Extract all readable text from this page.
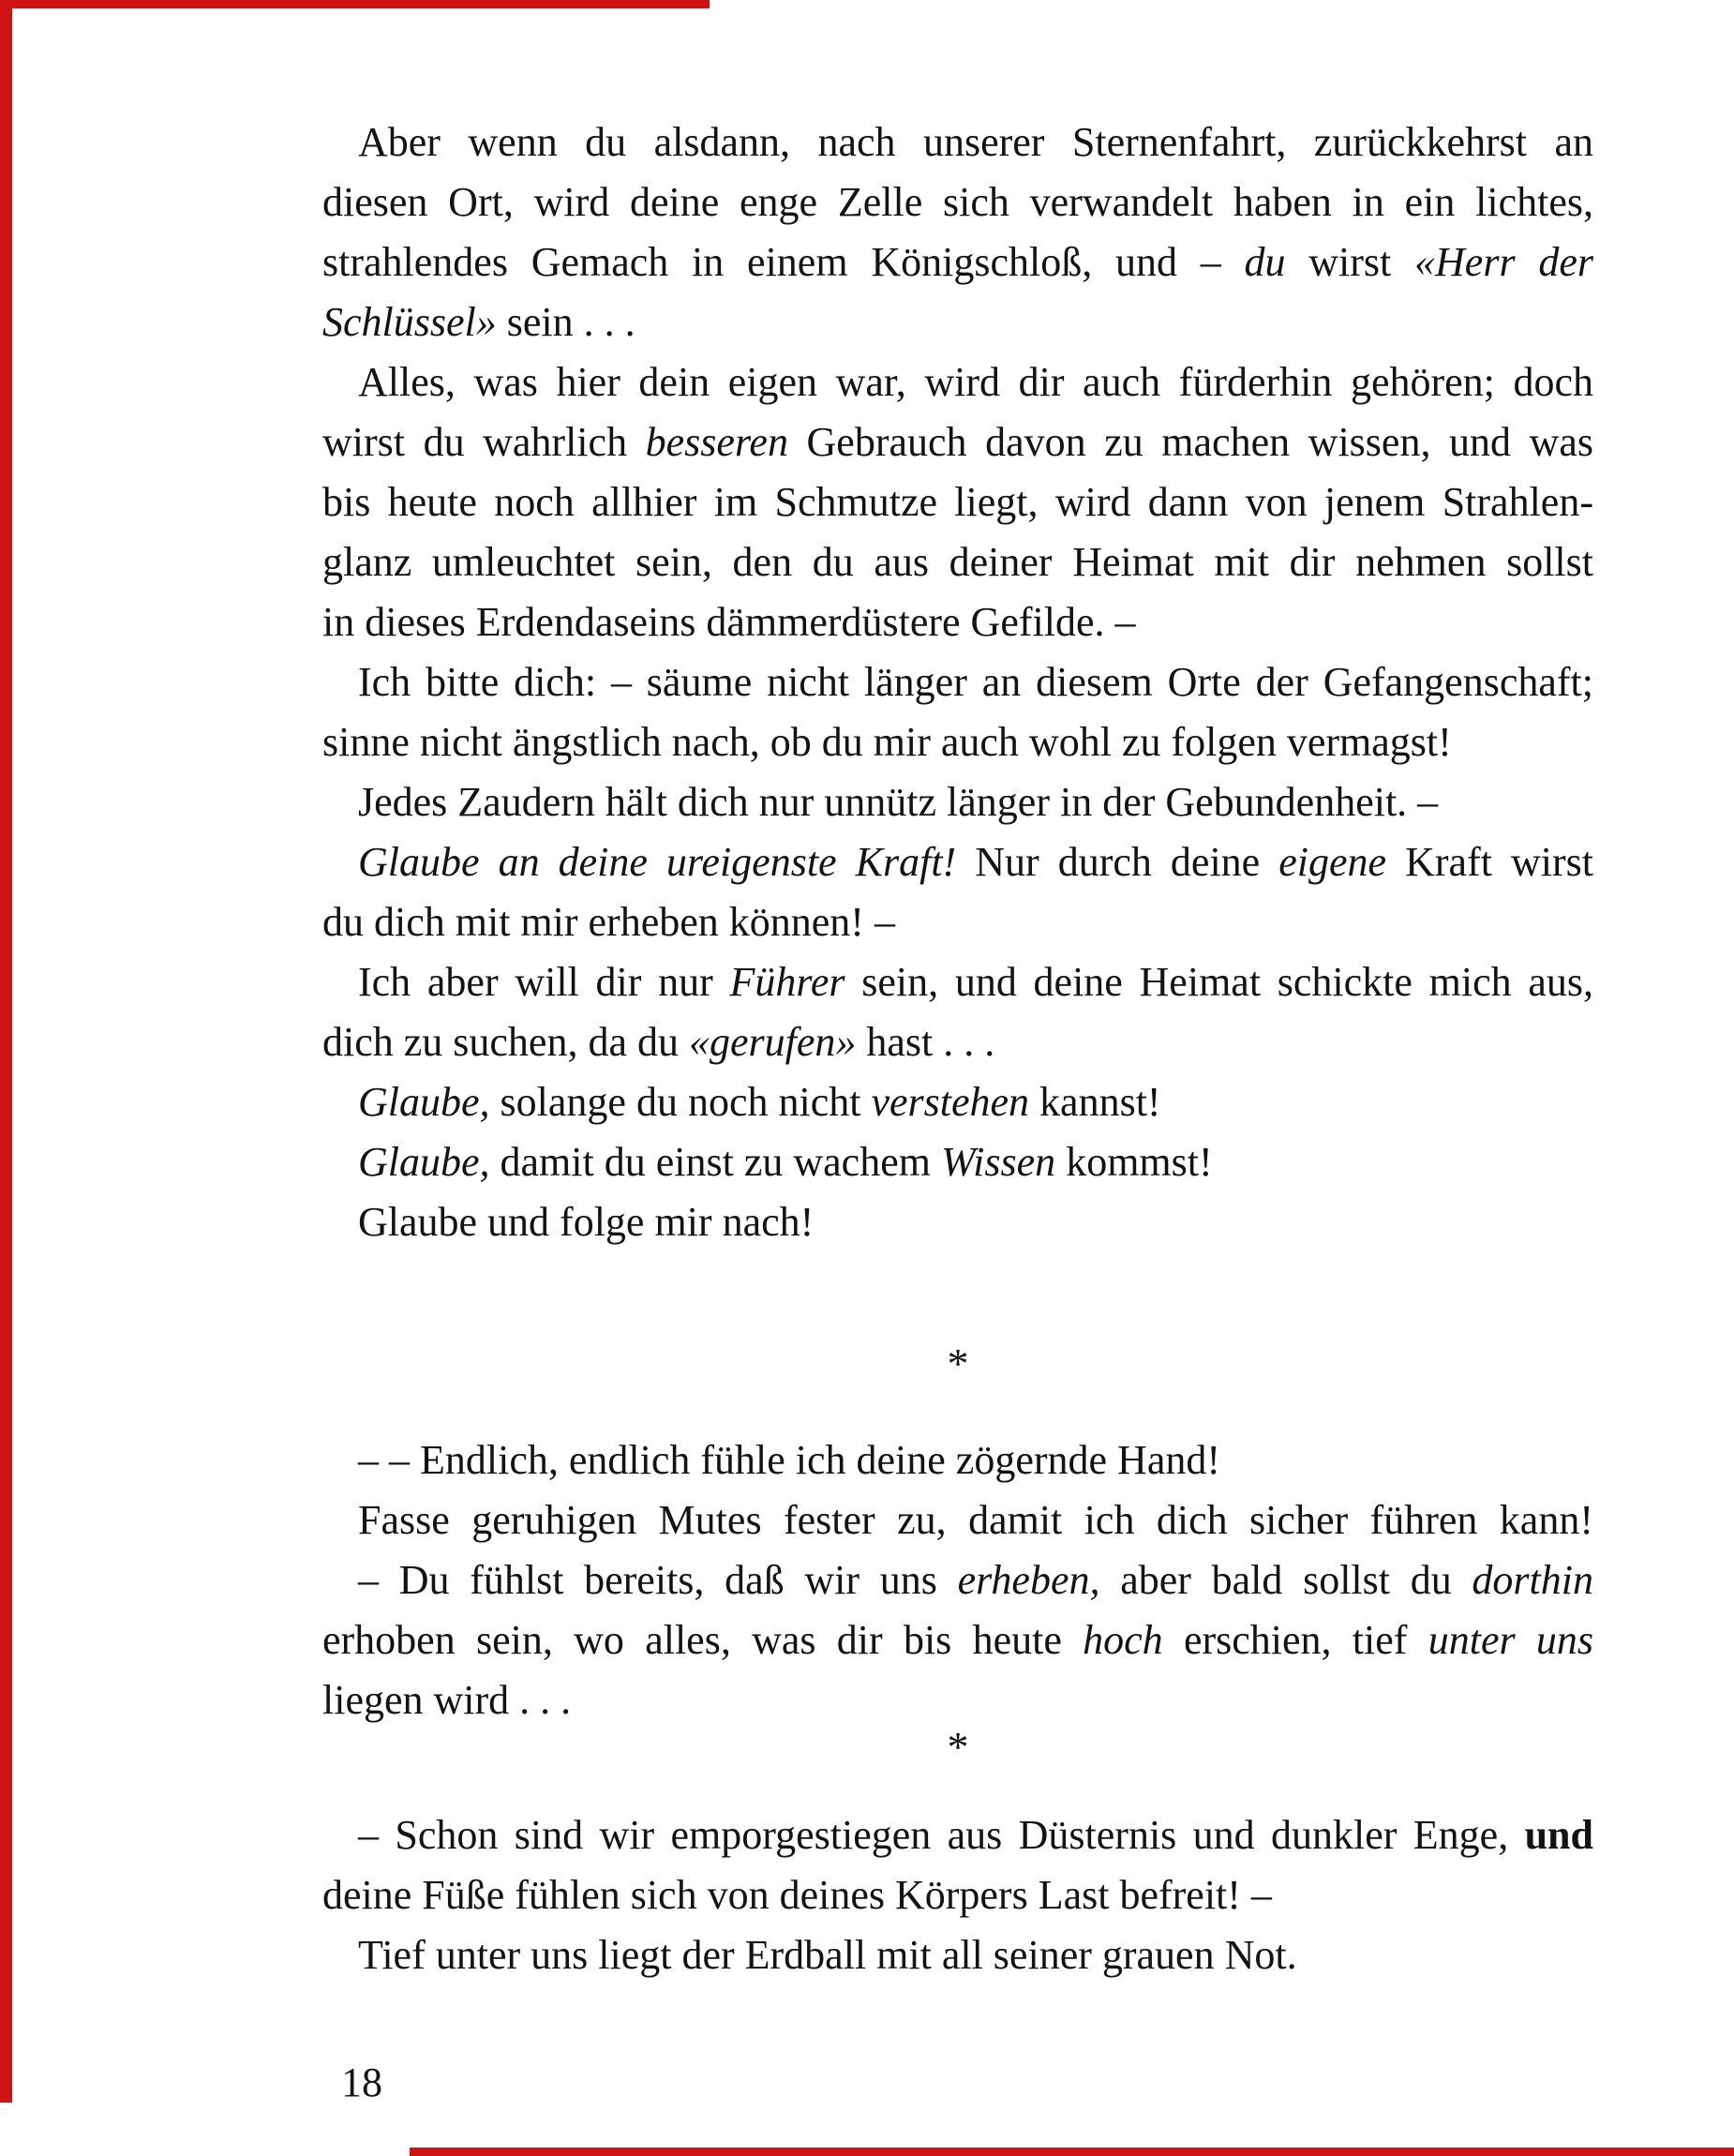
Aber wenn du alsdann, nach unserer Sternenfahrt, zurückkehrst an
diesen Ort, wird deine enge Zelle sich verwandelt haben in ein lichtes,
strahlendes Gemach in einem Königschloß, und – du wirst «Herr der
Schlüssel» sein . . .
Alles, was hier dein eigen war, wird dir auch fürderhin gehören; doch
wirst du wahrlich besseren Gebrauch davon zu machen wissen, und was
bis heute noch allhier im Schmutze liegt, wird dann von jenem Strahlen-
glanz umleuchtet sein, den du aus deiner Heimat mit dir nehmen sollst
in dieses Erdendaseins dämmerdüstere Gefilde. –
Ich bitte dich: – säume nicht länger an diesem Orte der Gefangenschaft;
sinne nicht ängstlich nach, ob du mir auch wohl zu folgen vermagst!
Jedes Zaudern hält dich nur unnütz länger in der Gebundenheit. –
Glaube an deine ureigenste Kraft! Nur durch deine eigene Kraft wirst
du dich mit mir erheben können! –
Ich aber will dir nur Führer sein, und deine Heimat schickte mich aus,
dich zu suchen, da du «gerufen» hast . . .
Glaube, solange du noch nicht verstehen kannst!
Glaube, damit du einst zu wachem Wissen kommst!
Glaube und folge mir nach!
*
– – Endlich, endlich fühle ich deine zögernde Hand!
Fasse geruhigen Mutes fester zu, damit ich dich sicher führen kann!
– Du fühlst bereits, daß wir uns erheben, aber bald sollst du dorthin
erhoben sein, wo alles, was dir bis heute hoch erschien, tief unter uns
liegen wird . . .
*
– Schon sind wir emporgestiegen aus Düsternis und dunkler Enge, und
deine Füße fühlen sich von deines Körpers Last befreit! –
Tief unter uns liegt der Erdball mit all seiner grauen Not.
18
